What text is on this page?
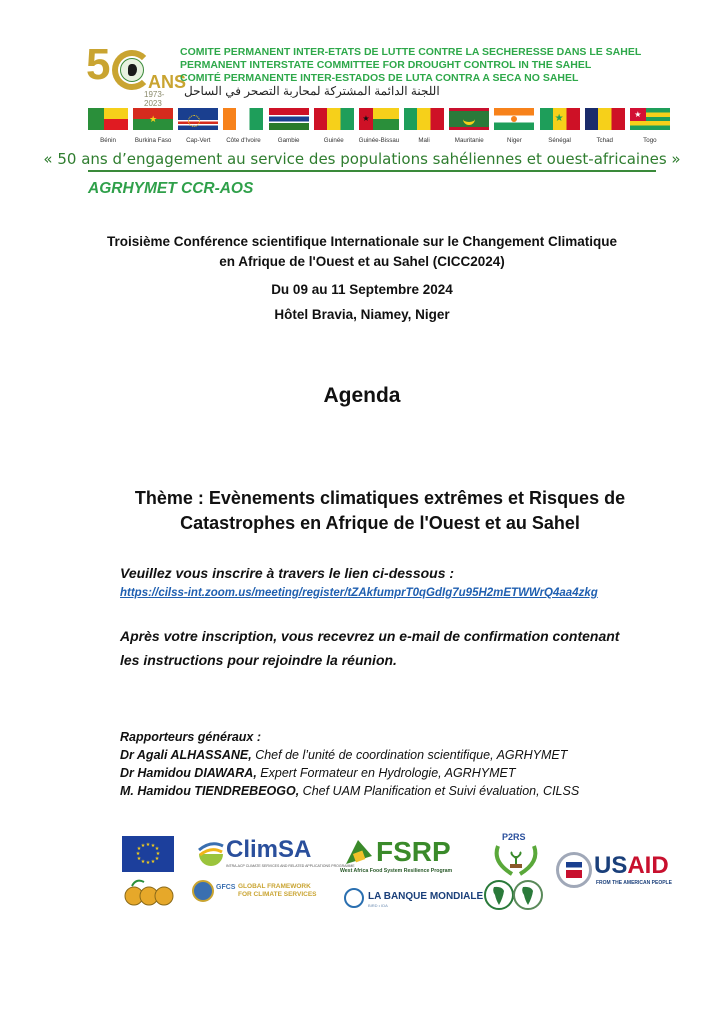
5 ANS
1973-2023
COMITE PERMANENT INTER-ETATS DE LUTTE CONTRE LA SECHERESSE DANS LE SAHEL
PERMANENT INTERSTATE COMMITTEE FOR DROUGHT CONTROL IN THE SAHEL
COMITÉ PERMANENTE INTER-ESTADOS DE LUTA CONTRA A SECA NO SAHEL
اللجنة الدائمة المشتركة لمحاربة التصحر في الساحل
Bénin
★
Burkina Faso Cap-Vert	Côte d'Ivoire	Gambie	Guinée
★
Guinée-Bissau	Mali	Mauritanie	Niger
★
Sénégal	Tchad
★
Togo
« 50 ans d’engagement au service des populations sahéliennes et ouest-africaines »
AGRHYMET CCR-AOS
Troisième Conférence scientifique Internationale sur le Changement Climatique
en Afrique de l'Ouest et au Sahel (CICC2024)
Du 09 au 11 Septembre 2024
Hôtel Bravia, Niamey, Niger
Agenda
Thème : Evènements climatiques extrêmes et Risques de
Catastrophes en Afrique de l'Ouest et au Sahel
Veuillez vous inscrire à travers le lien ci-dessous :
https://cilss-int.zoom.us/meeting/register/tZAkfumprT0qGdIg7u95H2mETWWrQ4aa4zkg
Après votre inscription, vous recevrez un e-mail de confirmation contenant
les instructions pour rejoindre la réunion.
Rapporteurs généraux :
Dr Agali ALHASSANE, Chef de l’unité de coordination scientifique, AGRHYMET
Dr Hamidou DIAWARA, Expert Formateur en Hydrologie, AGRHYMET
M. Hamidou TIENDREBEOGO, Chef UAM Planification et Suivi évaluation, CILSS
★ ★ ★
★
★
★
★
★
★
★
★ ★	ClimSA
INTRA-ACP CLIMATE SERVICES AND RELATED APPLICATIONS PROGRAMME
GFCS GLOBAL FRAMEWORK FOR CLIMATE SERVICES
FSRP
West Africa Food System Resilience Program
LA BANQUE MONDIALE
BIRD • IDA
P2RS
USAID
FROM THE AMERICAN PEOPLE
